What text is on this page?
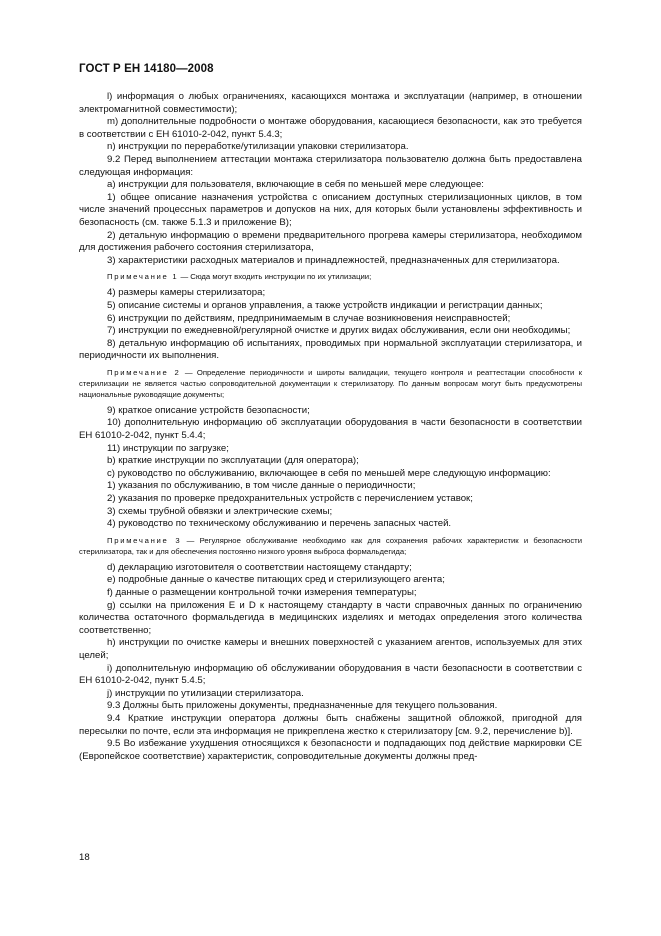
ГОСТ Р ЕН 14180—2008

l) информация о любых ограничениях, касающихся монтажа и эксплуатации (например, в отношении электромагнитной совместимости);

m) дополнительные подробности о монтаже оборудования, касающиеся безопасности, как это требуется в соответствии с ЕН 61010-2-042, пункт 5.4.3;

n) инструкции по переработке/утилизации упаковки стерилизатора.

9.2 Перед выполнением аттестации монтажа стерилизатора пользователю должна быть предоставлена следующая информация:

а) инструкции для пользователя, включающие в себя по меньшей мере следующее:

1) общее описание назначения устройства с описанием доступных стерилизационных циклов, в том числе значений процессных параметров и допусков на них, для которых были установлены эффективность и безопасность (см. также 5.1.3 и приложение В);

2) детальную информацию о времени предварительного прогрева камеры стерилизатора, необходимом для достижения рабочего состояния стерилизатора,

3) характеристики расходных материалов и принадлежностей, предназначенных для стерилизатора.

Примечание 1 — Сюда могут входить инструкции по их утилизации;

4) размеры камеры стерилизатора;

5) описание системы и органов управления, а также устройств индикации и регистрации данных;

6) инструкции по действиям, предпринимаемым в случае возникновения неисправностей;

7) инструкции по ежедневной/регулярной очистке и других видах обслуживания, если они необходимы;

8) детальную информацию об испытаниях, проводимых при нормальной эксплуатации стерилизатора, и периодичности их выполнения.

Примечание 2 — Определение периодичности и широты валидации, текущего контроля и реаттестации способности к стерилизации не является частью сопроводительной документации к стерилизатору. По данным вопросам могут быть предусмотрены национальные руководящие документы;

9) краткое описание устройств безопасности;

10) дополнительную информацию об эксплуатации оборудования в части безопасности в соответствии ЕН 61010-2-042, пункт 5.4.4;

11) инструкции по загрузке;

b) краткие инструкции по эксплуатации (для оператора);

с) руководство по обслуживанию, включающее в себя по меньшей мере следующую информацию:

1) указания по обслуживанию, в том числе данные о периодичности;

2) указания по проверке предохранительных устройств с перечислением уставок;

3) схемы трубной обвязки и электрические схемы;

4) руководство по техническому обслуживанию и перечень запасных частей.

Примечание 3 — Регулярное обслуживание необходимо как для сохранения рабочих характеристик и безопасности стерилизатора, так и для обеспечения постоянно низкого уровня выброса формальдегида;

d) декларацию изготовителя о соответствии настоящему стандарту;

е) подробные данные о качестве питающих сред и стерилизующего агента;

f) данные о размещении контрольной точки измерения температуры;

g) ссылки на приложения Е и D к настоящему стандарту в части справочных данных по ограничению количества остаточного формальдегида в медицинских изделиях и методах определения этого количества соответственно;

h) инструкции по очистке камеры и внешних поверхностей с указанием агентов, используемых для этих целей;

i) дополнительную информацию об обслуживании оборудования в части безопасности в соответствии с ЕН 61010-2-042, пункт 5.4.5;

j) инструкции по утилизации стерилизатора.

9.3 Должны быть приложены документы, предназначенные для текущего пользования.

9.4 Краткие инструкции оператора должны быть снабжены защитной обложкой, пригодной для пересылки по почте, если эта информация не прикреплена жестко к стерилизатору [см. 9.2, перечисление b)].

9.5 Во избежание ухудшения относящихся к безопасности и подпадающих под действие маркировки СЕ (Европейское соответствие) характеристик, сопроводительные документы должны пред-

18
